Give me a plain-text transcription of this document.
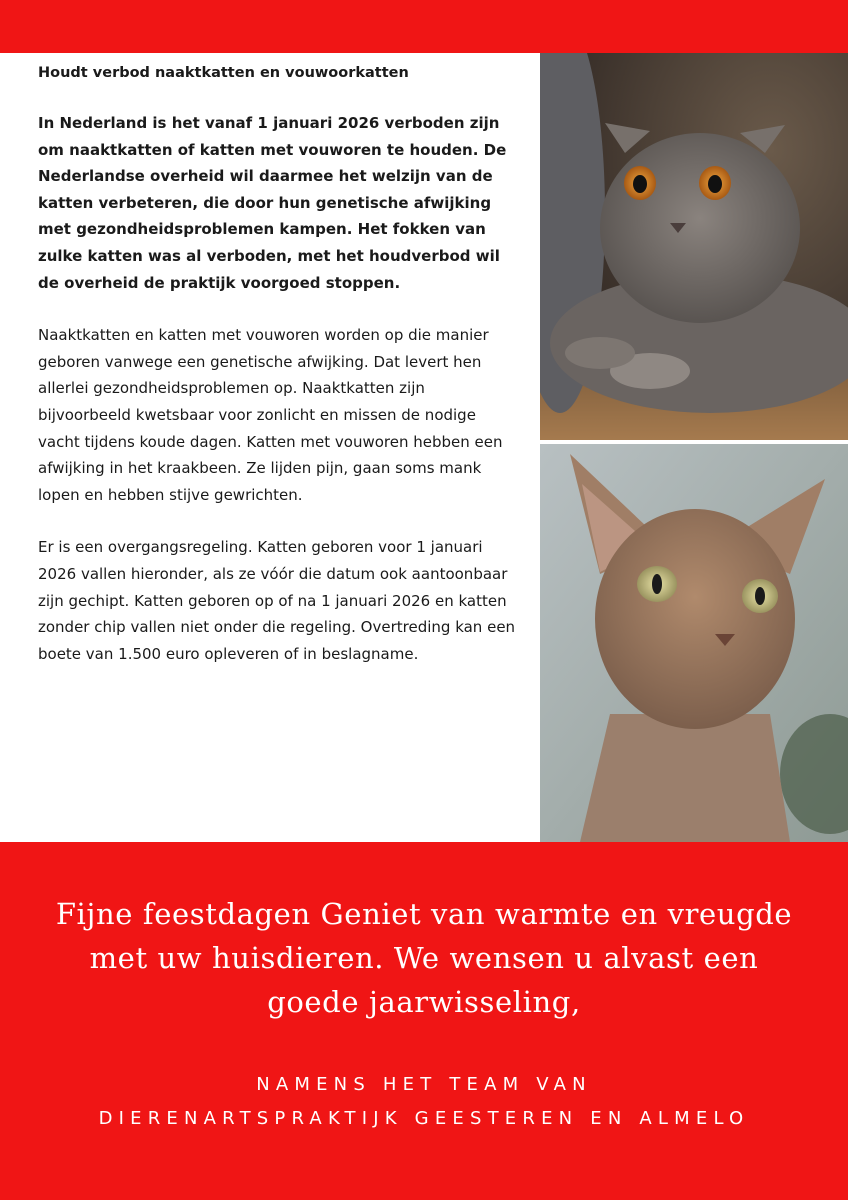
Houdt verbod naaktkatten en vouwoorkatten

In Nederland is het vanaf 1 januari 2026 verboden zijn om naaktkatten of katten met vouworen te houden. De Nederlandse overheid wil daarmee het welzijn van de katten verbeteren, die door hun genetische afwijking met gezondheidsproblemen kampen. Het fokken van zulke katten was al verboden, met het houdverbod wil de overheid de praktijk voorgoed stoppen.

Naaktkatten en katten met vouworen worden op die manier geboren vanwege een genetische afwijking. Dat levert hen allerlei gezondheidsproblemen op. Naaktkatten zijn bijvoorbeeld kwetsbaar voor zonlicht en missen de nodige vacht tijdens koude dagen. Katten met vouworen hebben een afwijking in het kraakbeen. Ze lijden pijn, gaan soms mank lopen en hebben stijve gewrichten.

Er is een overgangsregeling. Katten geboren voor 1 januari 2026 vallen hieronder, als ze vóór die datum ook aantoonbaar zijn gechipt. Katten geboren op of na 1 januari 2026 en katten zonder chip vallen niet onder die regeling. Overtreding kan een boete van 1.500 euro opleveren of in beslagname.

Fijne feestdagen Geniet van warmte en vreugde met uw huisdieren. We wensen u alvast een goede jaarwisseling,

NAMENS HET TEAM VAN
DIERENARTSPRAKTIJK GEESTEREN EN ALMELO
